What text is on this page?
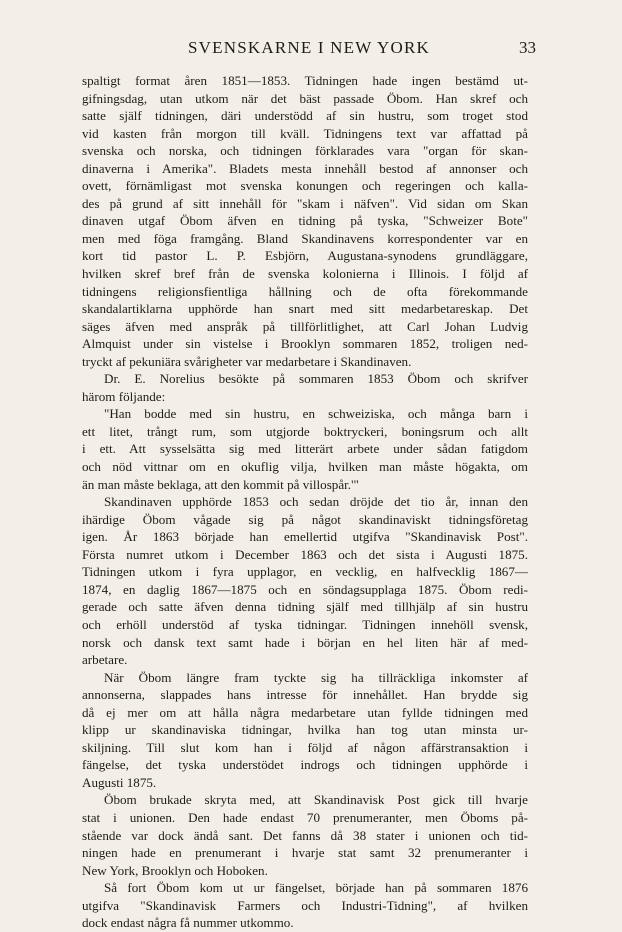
SVENSKARNE I NEW YORK	33
spaltigt format åren 1851—1853. Tidningen hade ingen bestämd ut-
gifningsdag, utan utkom när det bäst passade Öbom. Han skref och
satte själf tidningen, däri understödd af sin hustru, som troget stod
vid kasten från morgon till kväll. Tidningens text var affattad på
svenska och norska, och tidningen förklarades vara "organ för skan-
dinaverna i Amerika". Bladets mesta innehåll bestod af annonser och
ovett, förnämligast mot svenska konungen och regeringen och kalla-
des på grund af sitt innehåll för "skam i näfven". Vid sidan om Skan
dinaven utgaf Öbom äfven en tidning på tyska, "Schweizer Bote"
men med föga framgång. Bland Skandinavens korrespondenter var en
kort tid pastor L. P. Esbjörn, Augustana-synodens grundläggare,
hvilken skref bref från de svenska kolonierna i Illinois. I följd af
tidningens religionsfientliga hållning och de ofta förekommande
skandalartiklarna upphörde han snart med sitt medarbetareskap. Det
säges äfven med anspråk på tillförlitlighet, att Carl Johan Ludvig
Almquist under sin vistelse i Brooklyn sommaren 1852, troligen ned-
tryckt af pekuniära svårigheter var medarbetare i Skandinaven.
Dr. E. Norelius besökte på sommaren 1853 Öbom och skrifver
härom följande:
"Han bodde med sin hustru, en schweiziska, och många barn i
ett litet, trångt rum, som utgjorde boktryckeri, boningsrum och allt
i ett. Att sysselsätta sig med litterärt arbete under sådan fatigdom
och nöd vittnar om en okuflig vilja, hvilken man måste högakta, om
än man måste beklaga, att den kommit på villospår.'"
Skandinaven upphörde 1853 och sedan dröjde det tio år, innan den
ihärdige Öbom vågade sig på något skandinaviskt tidningsföretag
igen. År 1863 började han emellertid utgifva "Skandinavisk Post".
Första numret utkom i December 1863 och det sista i Augusti 1875.
Tidningen utkom i fyra upplagor, en vecklig, en halfvecklig 1867—
1874, en daglig 1867—1875 och en söndagsupplaga 1875. Öbom redi-
gerade och satte äfven denna tidning själf med tillhjälp af sin hustru
och erhöll understöd af tyska tidningar. Tidningen innehöll svensk,
norsk och dansk text samt hade i början en hel liten här af med-
arbetare.
När Öbom längre fram tyckte sig ha tillräckliga inkomster af
annonserna, slappades hans intresse för innehållet. Han brydde sig
då ej mer om att hålla några medarbetare utan fyllde tidningen med
klipp ur skandinaviska tidningar, hvilka han tog utan minsta ur-
skiljning. Till slut kom han i följd af någon affärstransaktion i
fängelse, det tyska understödet indrogs och tidningen upphörde i
Augusti 1875.
Öbom brukade skryta med, att Skandinavisk Post gick till hvarje
stat i unionen. Den hade endast 70 prenumeranter, men Öboms på-
stående var dock ändå sant. Det fanns då 38 stater i unionen och tid-
ningen hade en prenumerant i hvarje stat samt 32 prenumeranter i
New York, Brooklyn och Hoboken.
Så fort Öbom kom ut ur fängelset, började han på sommaren 1876
utgifva "Skandinavisk Farmers och Industri-Tidning", af hvilken
dock endast några få nummer utkommo.
